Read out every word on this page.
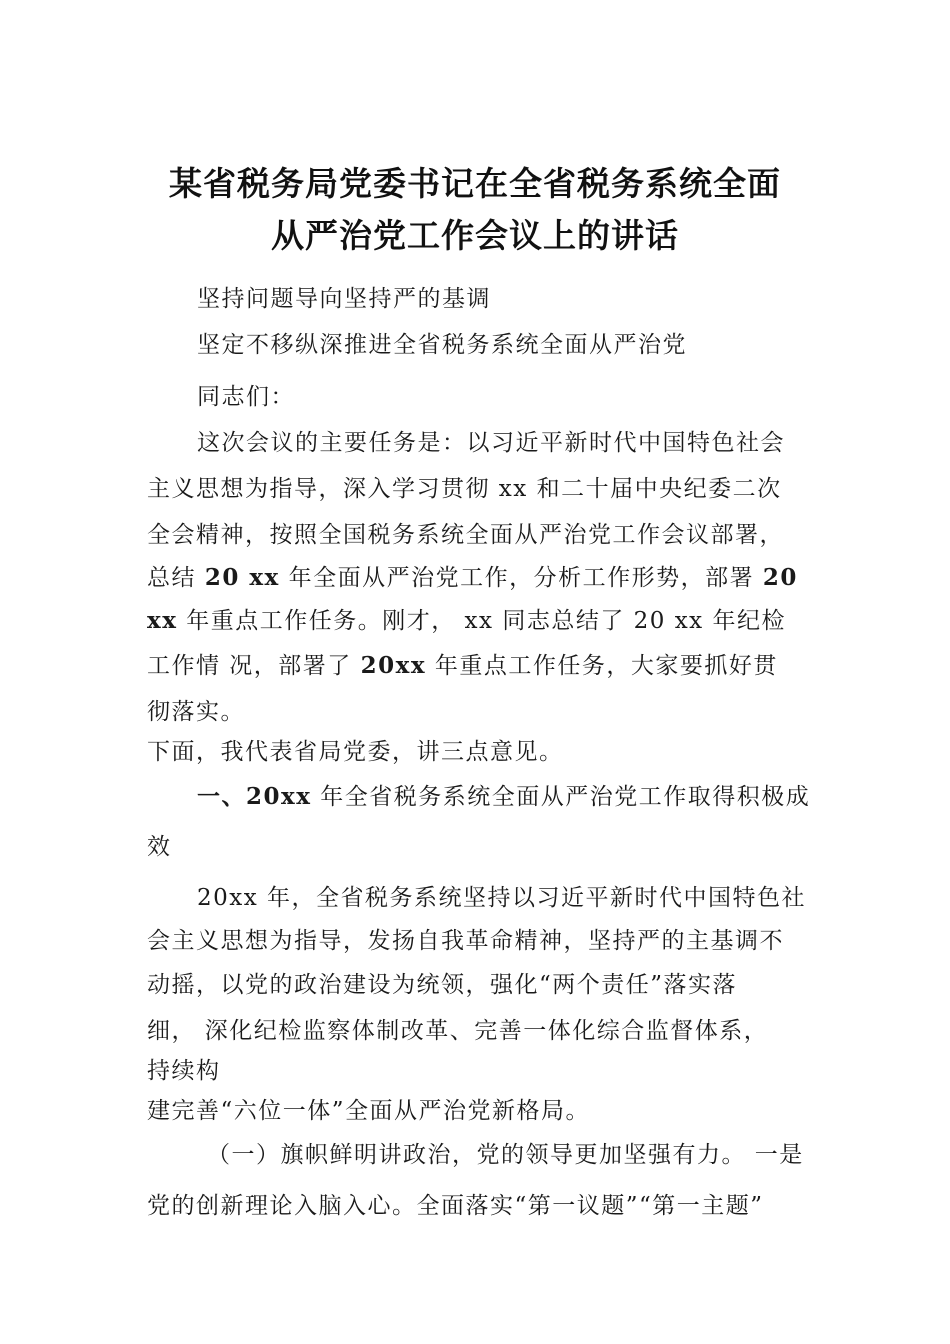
某省税务局党委书记在全省税务系统全面
从严治党工作会议上的讲话
坚持问题导向坚持严的基调
坚定不移纵深推进全省税务系统全面从严治党
同志们：
这次会议的主要任务是：以习近平新时代中国特色社会
主义思想为指导，深入学习贯彻 xx 和二十届中央纪委二次
全会精神，按照全国税务系统全面从严治党工作会议部署，
总结 20 xx 年全面从严治党工作，分析工作形势，部署 20
xx 年重点工作任务。刚才， xx 同志总结了 20 xx 年纪检
工作情 况，部署了 20xx 年重点工作任务，大家要抓好贯
彻落实。
下面，我代表省局党委，讲三点意见。
一、20xx 年全省税务系统全面从严治党工作取得积极成
效
20xx 年，全省税务系统坚持以习近平新时代中国特色社
会主义思想为指导，发扬自我革命精神，坚持严的主基调不
动摇，以党的政治建设为统领，强化“两个责任”落实落
细， 深化纪检监察体制改革、完善一体化综合监督体系，
持续构
建完善“六位一体”全面从严治党新格局。
（一）旗帜鲜明讲政治，党的领导更加坚强有力。 一是
党的创新理论入脑入心。全面落实“第一议题”“第一主题”
